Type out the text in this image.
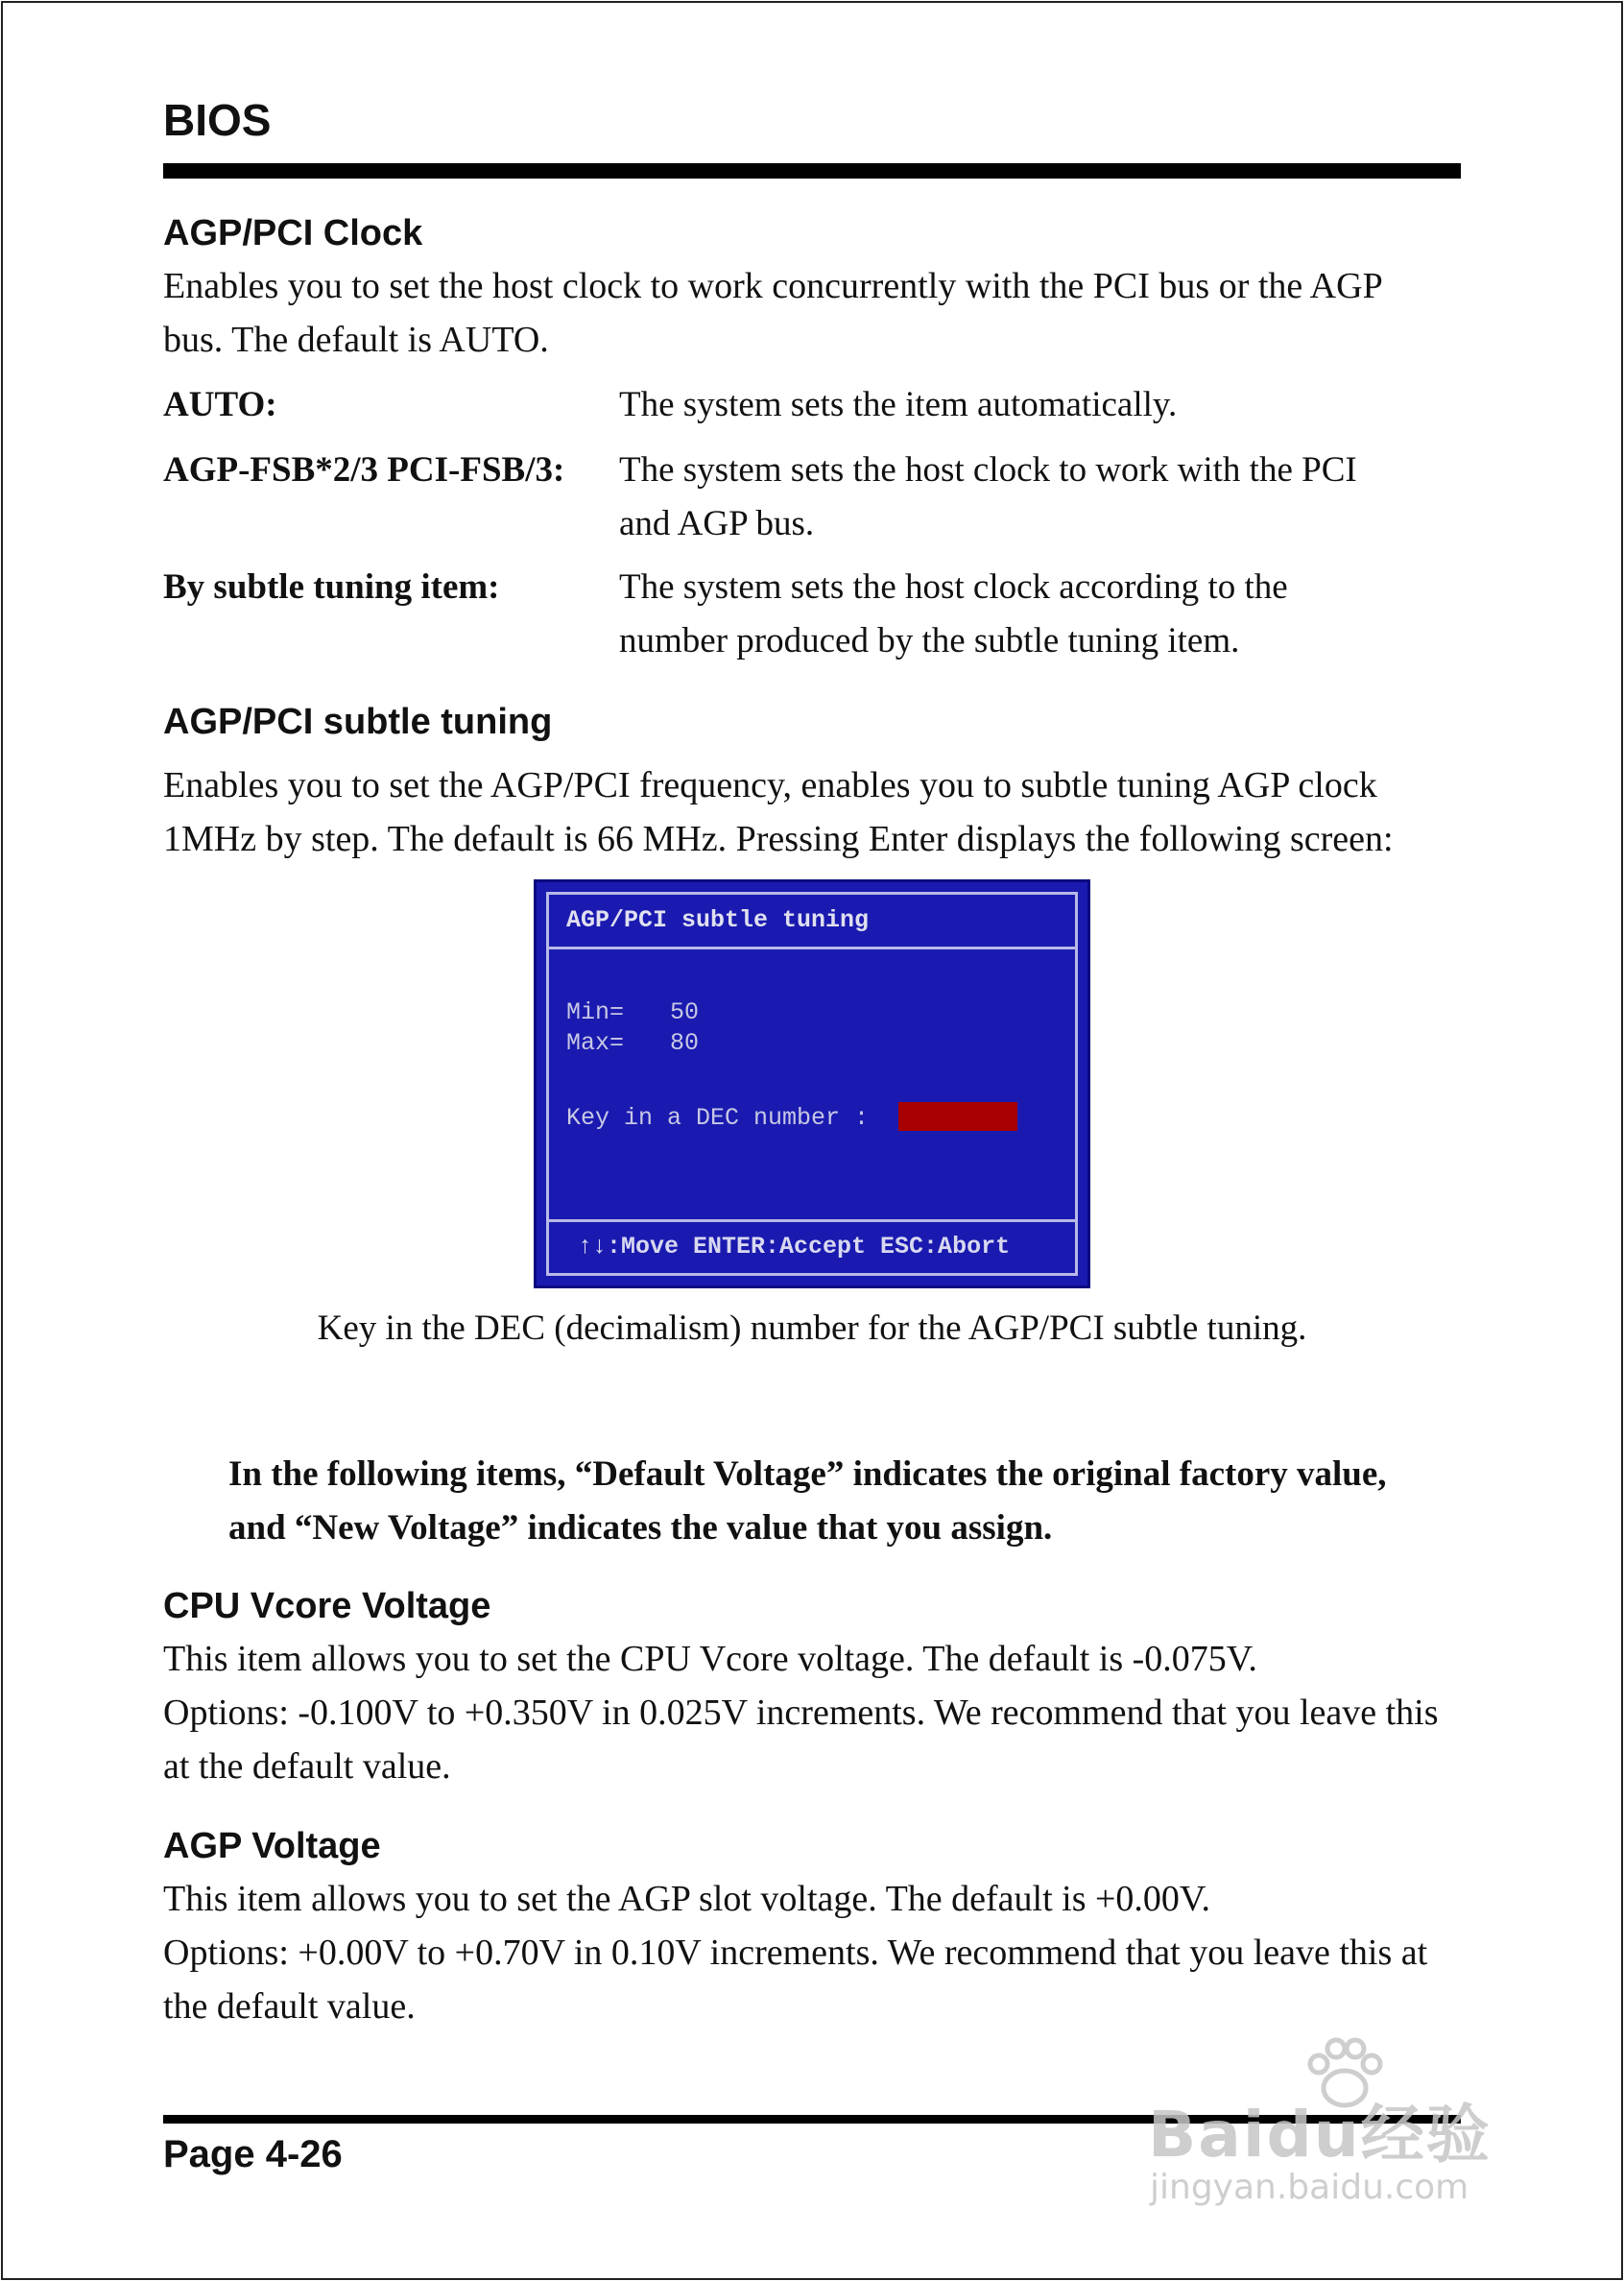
BIOS
AGP/PCI Clock
Enables you to set the host clock to work concurrently with the PCI bus or the AGP
bus. The default is AUTO.
AUTO:	The system sets the item automatically.
AGP-FSB*2/3 PCI-FSB/3: The system sets the host clock to work with the PCI
and AGP bus.
By subtle tuning item:	The system sets the host clock according to the
number produced by the subtle tuning item.
AGP/PCI subtle tuning
Enables you to set the AGP/PCI frequency, enables you to subtle tuning AGP clock
1MHz by step. The default is 66 MHz. Pressing Enter displays the following screen:
AGP/PCI subtle tuning
Min= 50
Max= 80
Key in a DEC number :
↑↓:Move ENTER:Accept ESC:Abort
Key in the DEC (decimalism) number for the AGP/PCI subtle tuning.
In the following items, “Default Voltage” indicates the original factory value,
and “New Voltage” indicates the value that you assign.
CPU Vcore Voltage
This item allows you to set the CPU Vcore voltage. The default is -0.075V.
Options: -0.100V to +0.350V in 0.025V increments. We recommend that you leave this
at the default value.
AGP Voltage
This item allows you to set the AGP slot voltage. The default is +0.00V.
Options: +0.00V to +0.70V in 0.10V increments. We recommend that you leave this at
the default value.
Page 4-26	Baidu经验
jingyan.baidu.com
